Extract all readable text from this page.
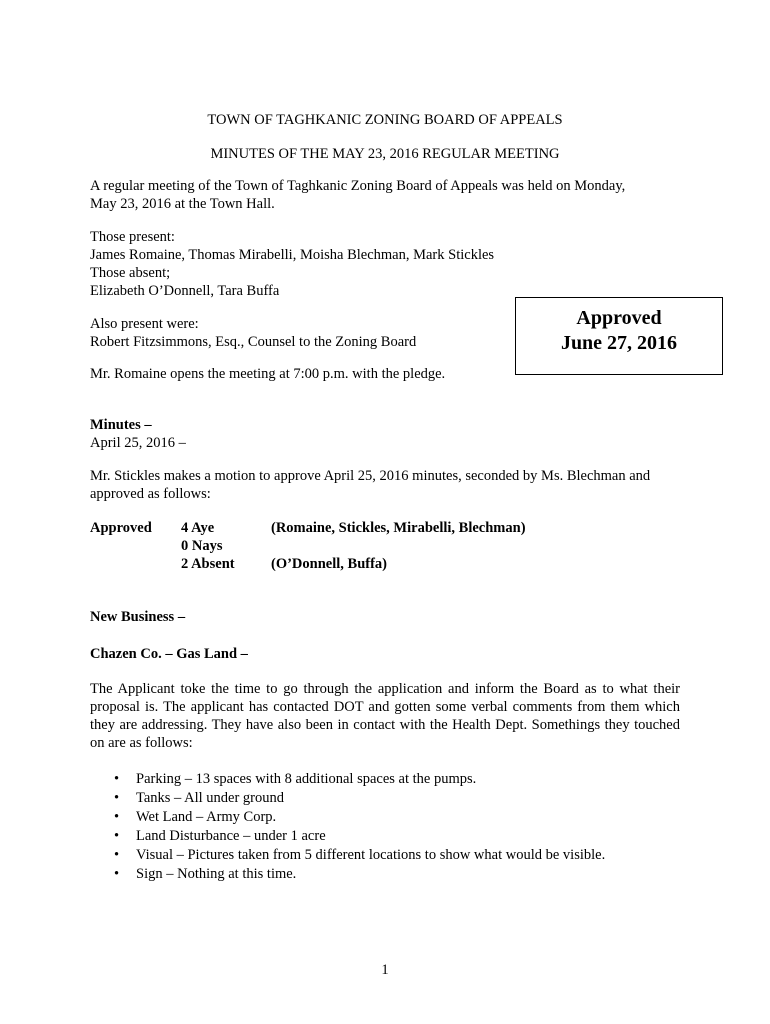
TOWN OF TAGHKANIC ZONING BOARD OF APPEALS
MINUTES OF THE MAY 23, 2016 REGULAR MEETING
A regular meeting of the Town of Taghkanic Zoning Board of Appeals was held on Monday,
May 23, 2016 at the Town Hall.
Those present:
James Romaine, Thomas Mirabelli, Moisha Blechman, Mark Stickles
Those absent;
Elizabeth O’Donnell, Tara Buffa
Also present were:
Robert Fitzsimmons, Esq., Counsel to the Zoning Board
Approved
June 27, 2016
Mr. Romaine opens the meeting at 7:00 p.m. with the pledge.
Minutes –
April 25, 2016 –
Mr. Stickles makes a motion to approve April 25, 2016 minutes, seconded by Ms. Blechman and
approved as follows:
Approved 4 Aye	(Romaine, Stickles, Mirabelli, Blechman)
0 Nays
2 Absent	(O’Donnell, Buffa)
New Business –
Chazen Co. – Gas Land –
The Applicant toke the time to go through the application and inform the Board as to what their proposal is. The applicant has contacted DOT and gotten some verbal comments from them which they are addressing. They have also been in contact with the Health Dept. Somethings they touched on are as follows:
• Parking – 13 spaces with 8 additional spaces at the pumps.
• Tanks – All under ground
• Wet Land – Army Corp.
• Land Disturbance – under 1 acre
• Visual – Pictures taken from 5 different locations to show what would be visible.
• Sign – Nothing at this time.
1
